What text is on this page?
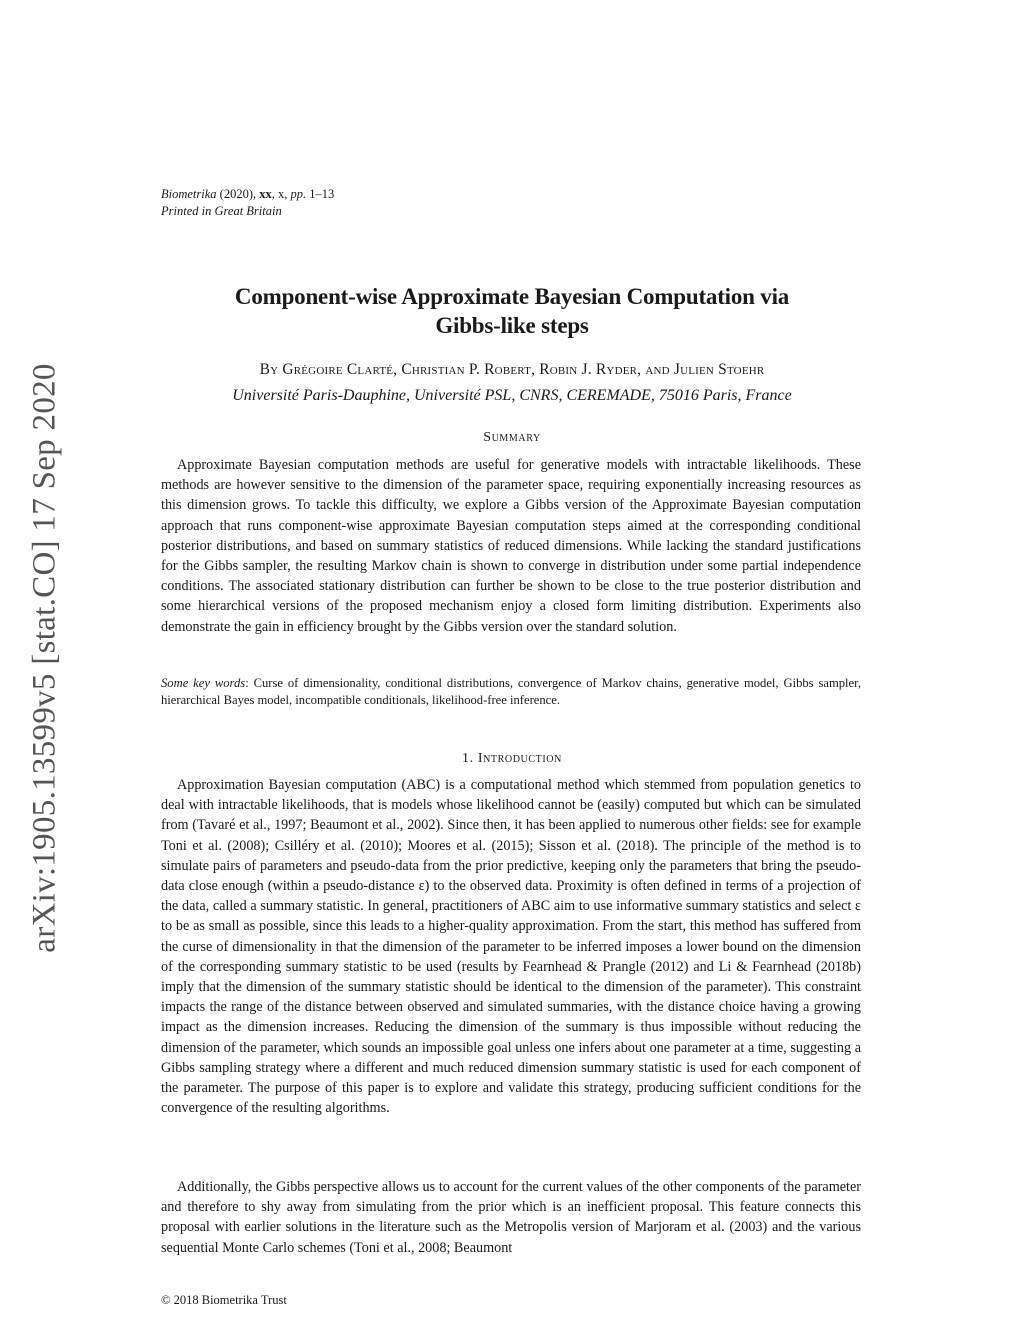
Biometrika (2020), xx, x, pp. 1–13
Printed in Great Britain
Component-wise Approximate Bayesian Computation via
Gibbs-like steps
By Grégoire Clarté, Christian P. Robert, Robin J. Ryder, and Julien Stoehr
Université Paris-Dauphine, Université PSL, CNRS, CEREMADE, 75016 Paris, France
Summary
Approximate Bayesian computation methods are useful for generative models with intractable likelihoods. These methods are however sensitive to the dimension of the parameter space, requiring exponentially increasing resources as this dimension grows. To tackle this difficulty, we explore a Gibbs version of the Approximate Bayesian computation approach that runs component-wise approximate Bayesian computation steps aimed at the corresponding conditional posterior distributions, and based on summary statistics of reduced dimensions. While lacking the standard justifications for the Gibbs sampler, the resulting Markov chain is shown to converge in distribution under some partial independence conditions. The associated stationary distribution can further be shown to be close to the true posterior distribution and some hierarchical versions of the proposed mechanism enjoy a closed form limiting distribution. Experiments also demonstrate the gain in efficiency brought by the Gibbs version over the standard solution.
Some key words: Curse of dimensionality, conditional distributions, convergence of Markov chains, generative model, Gibbs sampler, hierarchical Bayes model, incompatible conditionals, likelihood-free inference.
1. Introduction
Approximation Bayesian computation (ABC) is a computational method which stemmed from population genetics to deal with intractable likelihoods, that is models whose likelihood cannot be (easily) computed but which can be simulated from (Tavaré et al., 1997; Beaumont et al., 2002). Since then, it has been applied to numerous other fields: see for example Toni et al. (2008); Csilléry et al. (2010); Moores et al. (2015); Sisson et al. (2018). The principle of the method is to simulate pairs of parameters and pseudo-data from the prior predictive, keeping only the parameters that bring the pseudo-data close enough (within a pseudo-distance ε) to the observed data. Proximity is often defined in terms of a projection of the data, called a summary statistic. In general, practitioners of ABC aim to use informative summary statistics and select ε to be as small as possible, since this leads to a higher-quality approximation. From the start, this method has suffered from the curse of dimensionality in that the dimension of the parameter to be inferred imposes a lower bound on the dimension of the corresponding summary statistic to be used (results by Fearnhead & Prangle (2012) and Li & Fearnhead (2018b) imply that the dimension of the summary statistic should be identical to the dimension of the parameter). This constraint impacts the range of the distance between observed and simulated summaries, with the distance choice having a growing impact as the dimension increases. Reducing the dimension of the summary is thus impossible without reducing the dimension of the parameter, which sounds an impossible goal unless one infers about one parameter at a time, suggesting a Gibbs sampling strategy where a different and much reduced dimension summary statistic is used for each component of the parameter. The purpose of this paper is to explore and validate this strategy, producing sufficient conditions for the convergence of the resulting algorithms.
Additionally, the Gibbs perspective allows us to account for the current values of the other components of the parameter and therefore to shy away from simulating from the prior which is an inefficient proposal. This feature connects this proposal with earlier solutions in the literature such as the Metropolis version of Marjoram et al. (2003) and the various sequential Monte Carlo schemes (Toni et al., 2008; Beaumont
© 2018 Biometrika Trust
arXiv:1905.13599v5 [stat.CO] 17 Sep 2020
